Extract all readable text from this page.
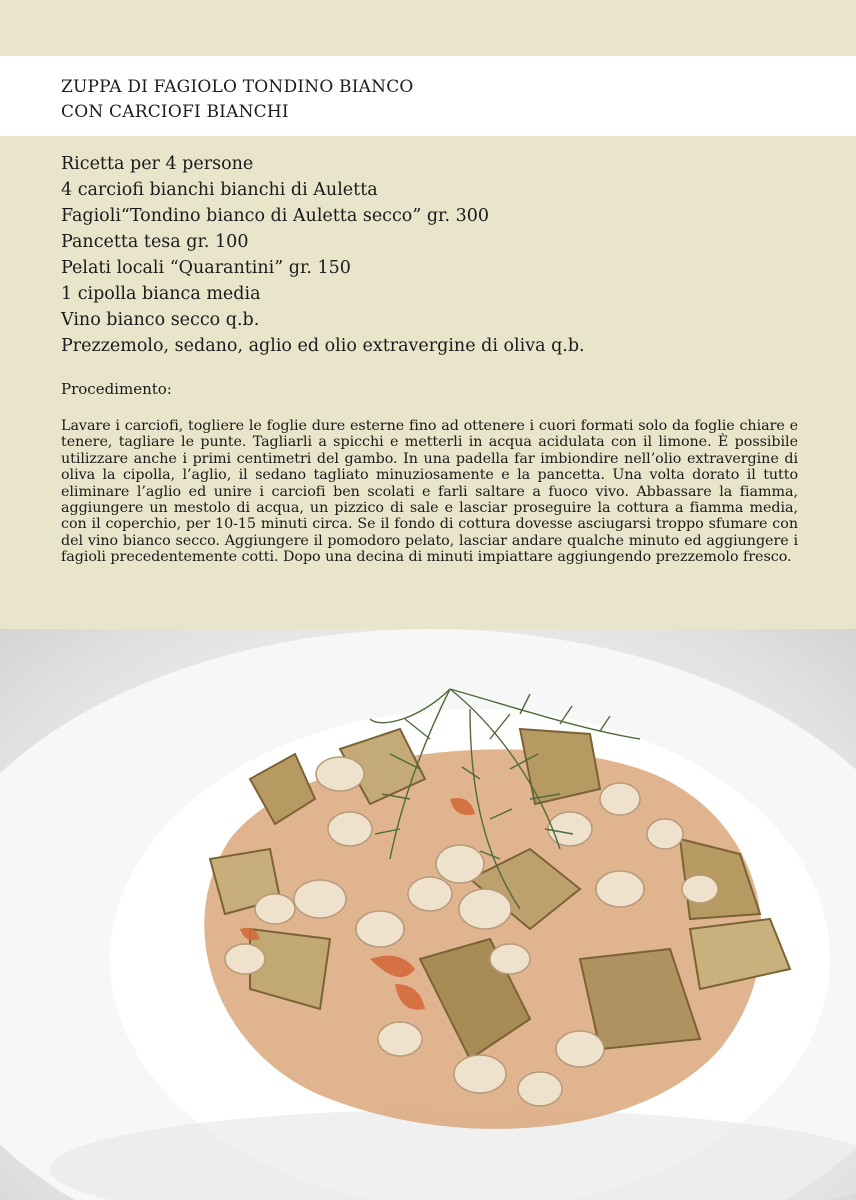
ZUPPA DI FAGIOLO TONDINO BIANCO
CON CARCIOFI BIANCHI
Ricetta per 4 persone
4 carciofi bianchi bianchi di Auletta
Fagioli“Tondino bianco di Auletta secco” gr. 300
Pancetta tesa gr. 100
Pelati locali “Quarantini” gr. 150
1 cipolla bianca media
Vino bianco secco q.b.
Prezzemolo, sedano, aglio ed olio extravergine di oliva q.b.
Procedimento:

Lavare i carciofi, togliere le foglie dure esterne fino ad ottenere i cuori formati solo da foglie chiare e tenere, tagliare le punte. Tagliarli a spicchi e metterli in acqua acidulata con il limone. È possibile utilizzare anche i primi centimetri del gambo. In una padella far imbiondire nell’olio extravergine di oliva la cipolla, l’aglio, il sedano tagliato minuziosamente e la pancetta. Una volta dorato il tutto eliminare l’aglio ed unire i carciofi ben scolati e farli saltare a fuoco vivo. Abbassare la fiamma, aggiungere un mestolo di acqua, un pizzico di sale e lasciar proseguire la cottura a fiamma media, con il coperchio, per 10-15 minuti circa. Se il fondo di cottura dovesse asciugarsi troppo sfumare con del vino bianco secco. Aggiungere il pomodoro pelato, lasciar andare qualche minuto ed aggiungere i fagioli precedentemente cotti. Dopo una decina di minuti impiattare aggiungendo prezzemolo fresco.
